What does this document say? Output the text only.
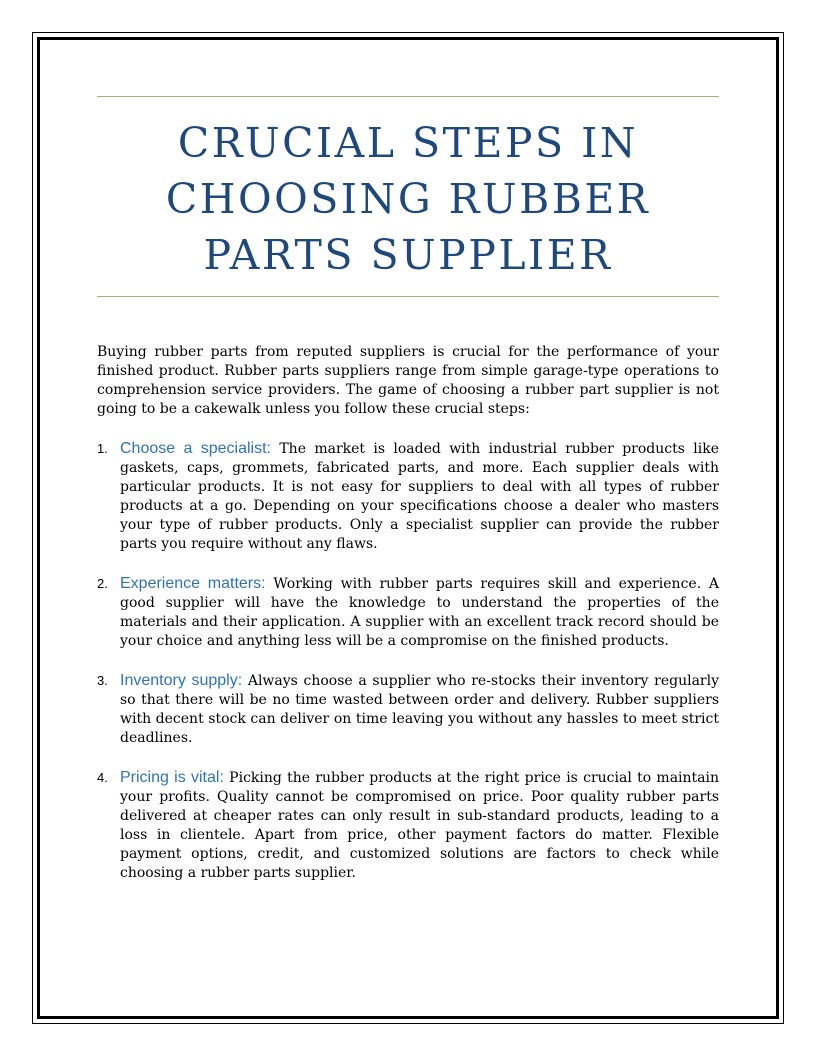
CRUCIAL STEPS IN CHOOSING RUBBER PARTS SUPPLIER

Buying rubber parts from reputed suppliers is crucial for the performance of your finished product. Rubber parts suppliers range from simple garage-type operations to comprehension service providers. The game of choosing a rubber part supplier is not going to be a cakewalk unless you follow these crucial steps:

1. Choose a specialist: The market is loaded with industrial rubber products like gaskets, caps, grommets, fabricated parts, and more. Each supplier deals with particular products. It is not easy for suppliers to deal with all types of rubber products at a go. Depending on your specifications choose a dealer who masters your type of rubber products. Only a specialist supplier can provide the rubber parts you require without any flaws.
2. Experience matters: Working with rubber parts requires skill and experience. A good supplier will have the knowledge to understand the properties of the materials and their application. A supplier with an excellent track record should be your choice and anything less will be a compromise on the finished products.
3. Inventory supply: Always choose a supplier who re-stocks their inventory regularly so that there will be no time wasted between order and delivery. Rubber suppliers with decent stock can deliver on time leaving you without any hassles to meet strict deadlines.
4. Pricing is vital: Picking the rubber products at the right price is crucial to maintain your profits. Quality cannot be compromised on price. Poor quality rubber parts delivered at cheaper rates can only result in sub-standard products, leading to a loss in clientele. Apart from price, other payment factors do matter. Flexible payment options, credit, and customized solutions are factors to check while choosing a rubber parts supplier.
